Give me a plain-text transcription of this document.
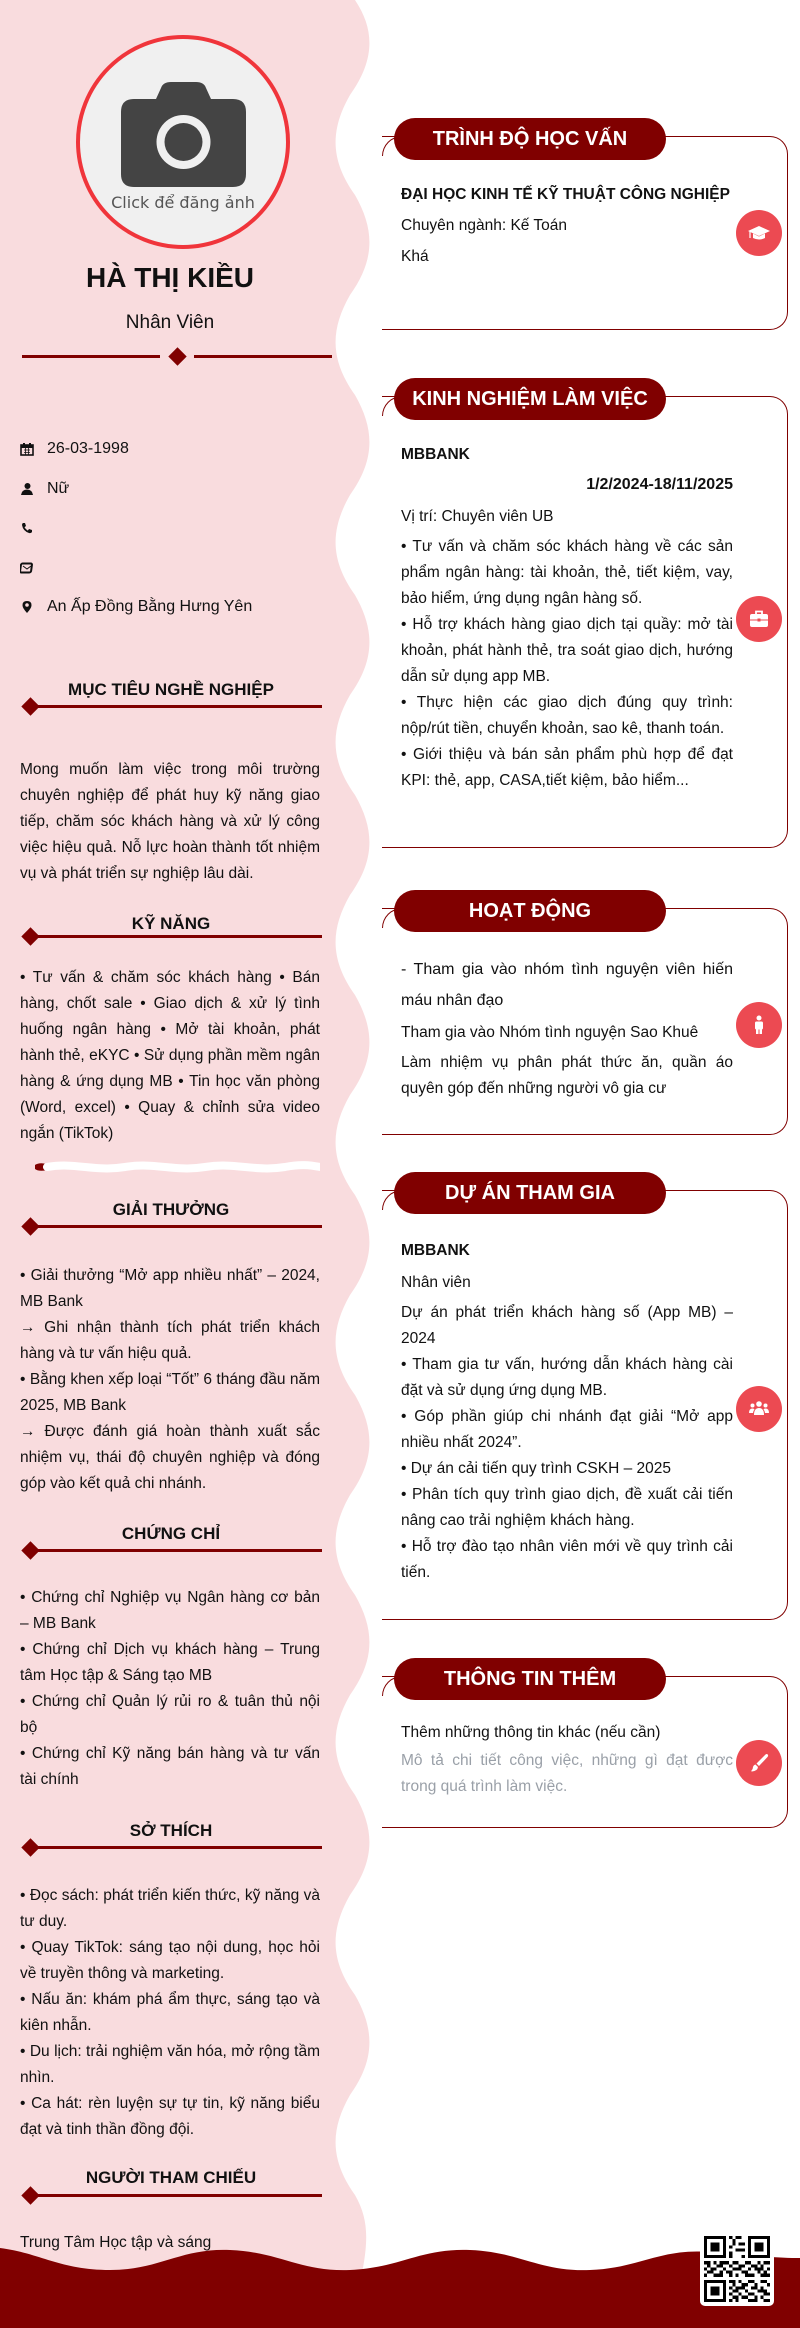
Click để đăng ảnh
HÀ THỊ KIỀU
Nhân Viên
26-03-1998
Nữ
An Ấp Đồng Bằng Hưng Yên
MỤC TIÊU NGHỀ NGHIỆP
Mong muốn làm việc trong môi trường chuyên nghiệp để phát huy kỹ năng giao tiếp, chăm sóc khách hàng và xử lý công việc hiệu quả. Nỗ lực hoàn thành tốt nhiệm vụ và phát triển sự nghiệp lâu dài.
KỸ NĂNG
• Tư vấn & chăm sóc khách hàng • Bán hàng, chốt sale • Giao dịch & xử lý tình huống ngân hàng • Mở tài khoản, phát hành thẻ, eKYC • Sử dụng phần mềm ngân hàng & ứng dụng MB • Tin học văn phòng (Word, excel) • Quay & chỉnh sửa video ngắn (TikTok)
GIẢI THƯỞNG

• Giải thưởng “Mở app nhiều nhất” – 2024, MB Bank

→ Ghi nhận thành tích phát triển khách hàng và tư vấn hiệu quả.

• Bằng khen xếp loại “Tốt” 6 tháng đầu năm 2025, MB Bank

→ Được đánh giá hoàn thành xuất sắc nhiệm vụ, thái độ chuyên nghiệp và đóng góp vào kết quả chi nhánh.

CHỨNG CHỈ

• Chứng chỉ Nghiệp vụ Ngân hàng cơ bản – MB Bank

• Chứng chỉ Dịch vụ khách hàng – Trung tâm Học tập & Sáng tạo MB

• Chứng chỉ Quản lý rủi ro & tuân thủ nội bộ

• Chứng chỉ Kỹ năng bán hàng và tư vấn tài chính

SỞ THÍCH

• Đọc sách: phát triển kiến thức, kỹ năng và tư duy.

• Quay TikTok: sáng tạo nội dung, học hỏi về truyền thông và marketing.

• Nấu ăn: khám phá ẩm thực, sáng tạo và kiên nhẫn.

• Du lịch: trải nghiệm văn hóa, mở rộng tầm nhìn.

• Ca hát: rèn luyện sự tự tin, kỹ năng biểu đạt và tinh thần đồng đội.

NGƯỜI THAM CHIẾU
Trung Tâm Học tập và sáng
TRÌNH ĐỘ HỌC VẤN

ĐẠI HỌC KINH TẾ KỸ THUẬT CÔNG NGHIỆP

Chuyên ngành: Kế Toán

Khá

KINH NGHIỆM LÀM VIỆC

MBBANK

1/2/2024-18/11/2025

Vị trí: Chuyên viên UB

• Tư vấn và chăm sóc khách hàng về các sản phẩm ngân hàng: tài khoản, thẻ, tiết kiệm, vay, bảo hiểm, ứng dụng ngân hàng số.

• Hỗ trợ khách hàng giao dịch tại quầy: mở tài khoản, phát hành thẻ, tra soát giao dịch, hướng dẫn sử dụng app MB.

• Thực hiện các giao dịch đúng quy trình: nộp/rút tiền, chuyển khoản, sao kê, thanh toán.

• Giới thiệu và bán sản phẩm phù hợp để đạt KPI: thẻ, app, CASA,tiết kiệm, bảo hiểm...

HOẠT ĐỘNG

- Tham gia vào nhóm tình nguyện viên hiến máu nhân đạo

Tham gia vào Nhóm tình nguyện Sao Khuê

Làm nhiệm vụ phân phát thức ăn, quần áo quyên góp đến những người vô gia cư

DỰ ÁN THAM GIA

MBBANK

Nhân viên

Dự án phát triển khách hàng số (App MB) – 2024

• Tham gia tư vấn, hướng dẫn khách hàng cài đặt và sử dụng ứng dụng MB.

• Góp phần giúp chi nhánh đạt giải “Mở app nhiều nhất 2024”.

• Dự án cải tiến quy trình CSKH – 2025

• Phân tích quy trình giao dịch, đề xuất cải tiến nâng cao trải nghiệm khách hàng.

• Hỗ trợ đào tạo nhân viên mới về quy trình cải tiến.

THÔNG TIN THÊM

Thêm những thông tin khác (nếu cần)

Mô tả chi tiết công việc, những gì đạt được trong quá trình làm việc.
